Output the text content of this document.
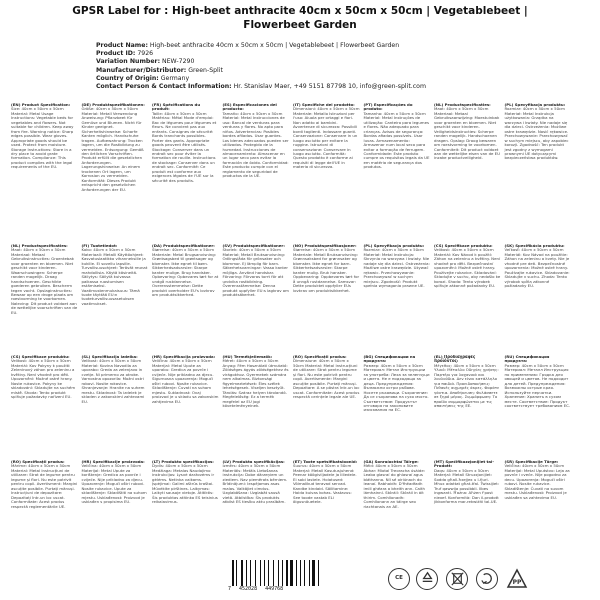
GPSR Label for : High-beet anthracite 40cm x 50cm x 50cm | Vegetablebeet | Flowerbeet Garden
Product Name: High-beet anthracite 40cm x 50cm x 50cm | Vegetablebeet | Flowerbeet Garden
Product ID: 7926
Variation Number: NEW-7290
Manufacturer/Distributor: Green-Split
Country of Origin: Germany
Contact Person & Contact Information: Hr. Stanislav Maer, +49 5151 87798 10, info@green-split.com
(EN) Product Specification:
Size: 40cm x 50cm x 50cm Material: Metal Usage Instructions: Vegetable beds for vegetables and flowers. Not suitable for children. Keep away from fire. Warning notice: Sharp edges possible. Wear gloves. Appropriate goods should be used. Protect from moisture. Storage Instructions: Store in a dry place to avoid grate formation. Compliance: This product complies with the legal requirements of the EU.
(DE) Produktspezifikationen:
Größe: 40cm x 50cm x 50cm Material: Metall Verwendung Anweisung: Pflanzbeet für Gemüse und Blumen. Nicht für Kinder geeignet. Sicherheitshinweise: Scharfe Kanten möglich. Handschuhe tragen. Aufbewahrung: Trocken lagern, um die Rostbildung zu vermeiden. Entsorgung: Gemäß den örtlichen Vorschriften. Produkt erfüllt die gesetzlichen Anforderungen. Lagerungshinweise: An einem trockenen Ort lagern, um Korrosion zu vermeiden. Konformität: Dieses Produkt entspricht den gesetzlichen Anforderungen der EU.
(FR) Spécifications du produit:
Taille: 40cm x 50cm x 50cm Matériau: Métal Mode d'emploi: Bac de légumes pour légumes et fleurs. Ne convient pas aux enfants. Consignes de sécurité: Bords tranchants possibles. Porter des gants. Appropriate goods peuvent être utilisés. Stockage: Conserver dans un endroit sec pour éviter la formation de rouille. Instructions de stockage: Conserver dans un endroit sec. Conformité: Ce produit est conforme aux exigences légales de l'UE sur la sécurité des produits.
(ES) Especificaciones del producto:
Tamaño: 40cm x 50cm x 50cm Material: Metal Instrucciones de uso: Bancal de verduras para verduras y flores. No apto para niños. Advertencias: Posibles bordes afilados. Usar guantes. Los bienes adecuados pueden ser utilizados. Protegido de la humedad. Instrucciones de almacenamiento: Almacenar en un lugar seco para evitar la formación de óxido. Conformidad: Este producto cumple con el reglamento de seguridad de productos de la UE.
(IT) Specifiche del prodotto:
Dimensioni: 40cm x 50cm x 50cm Materiale: Metallo Istruzioni per l'uso: Aiuola per ortaggi e fiori. Non adatto ai bambini. Avvertenze di sicurezza: Possibili bordi taglienti. Indossare guanti. Conservazione: Conservare in un luogo asciutto per evitare la ruggine. Istruzioni di conservazione: Conservare in luogo asciutto. Conformità: Questo prodotto è conforme ai requisiti di legge dell'UE in materia di sicurezza.
(PT) Especificações do produto:
Tamanho: 40cm x 50cm x 50cm Material: Metal Instruções de utilização: Canteiro para legumes e flores. Não adequado para crianças. Avisos de segurança: Bordas afiadas possíveis. Usar luvas. Armazenamento: Armazenar num local seco para evitar a formação de ferrugem. Conformidade: Este produto cumpre os requisitos legais da UE em matéria de segurança dos produtos.
(NL) Productspecificaties:
Maat: 40cm x 50cm x 50cm Materiaal: Metaal Gebruiksaanwijzing: Moestuinbak voor groenten en bloemen. Niet geschikt voor kinderen. Veiligheidsinstructies: Scherpe randen mogelijk. Handschoenen dragen. Opslag: Droog bewaren om roestvorming te voorkomen. Conformiteit: Dit product voldoet aan de wettelijke eisen van de EU inzake productveiligheid.
(PL) Specyfikacja produktu:
Rozmiar: 40cm x 50cm x 50cm Materiał: Metal Instrukcja użytkowania: Grządka na warzywa i kwiaty. Nie nadaje się dla dzieci. Ostrzeżenia: Możliwe ostre krawędzie. Nosić rękawice. Przechowywanie: Przechowywać w suchym miejscu, aby zapobiec korozji. Zgodność: Ten produkt jest zgodny z wymogami prawnymi UE dotyczącymi bezpieczeństwa produktów.
(NL) Productspecificaties:
Maat: 40cm x 50cm x 50cm Materiaal: Metaal Gebruiksinstructies: Groentebak voor groenten en bloemen. Niet geschikt voor kinderen. Waarschuwingen: Scherpe randen mogelijk. Draag handschoenen. Geschikte goederen gebruiken. Bescherm tegen vocht. Opslaginstructies: Bewaar op een droge plaats om roestvorming te voorkomen. Naleving: Dit product voldoet aan de wettelijke voorschriften van de EU.
(FI) Tuotetiedot:
Koko: 40cm x 50cm x 50cm Materiaali: Metalli Käyttöohjeet: Kasvatuslaatikko vihanneksille ja kukille. Ei sovellu lapsille. Turvallisuusohjeet: Terävät reunat mahdollisia. Käytä käsineitä. Säilytys: Säilytä kuivassa paikassa ruostumisen estämiseksi. Vaatimustenmukaisuus: Tämä tuote täyttää EU:n tuoteturvallisuusasetuksen vaatimukset.
(DA) Produktspecifikationer:
Størrelse: 40cm x 50cm x 50cm Materiale: Metal Brugsanvisning: Grøntsagsbed til grøntsager og blomster. Ikke egnet til børn. Sikkerhedsadvarsler: Skarpe kanter mulige. Brug handsker. Opbevaring: Opbevares tørt for at undgå rustdannelse. Overensstemmelse: Dette produkt overholder EU's lovkrav om produktsikkerhed.
(SV) Produktspecifikationer:
Storlek: 40cm x 50cm x 50cm Material: Metall Bruksanvisning: Odlingslåda för grönsaker och blommor. Ej lämplig för barn. Säkerhetsvarningar: Vassa kanter möjliga. Använd handskar. Förvaring: Förvaras torrt för att undvika rostbildning. Överensstämmelse: Denna produkt uppfyller EU:s lagkrav om produktsäkerhet.
(NO) Produktspesifikasjoner:
Størrelse: 40cm x 50cm x 50cm Materiale: Metall Bruksanvisning: Grønnsaksbed for grønnsaker og blomster. Ikke egnet for barn. Sikkerhetsadvarsler: Skarpe kanter mulig. Bruk hansker. Oppbevaring: Oppbevares tørt for å unngå rustdannelse. Samsvar: Dette produktet oppfyller EUs lovkrav om produktsikkerhet.
(PL) Specyfikacja produktu:
Rozmiar: 40cm x 50cm x 50cm Materiał: Metal Instrukcja: Skrzynia na warzywa i kwiaty. Nie nadaje się dla dzieci. Ostrzeżenia: Możliwe ostre krawędzie. Używać rękawic. Przechowywanie: Przechowywać w suchym miejscu. Zgodność: Produkt spełnia wymagania prawne UE.
(CS) Specifikace produktu:
Velikost: 40cm x 50cm x 50cm Materiál: Kov Návod k použití: Záhon na zeleninu a květiny. Není vhodné pro děti. Bezpečnostní upozornění: Možné ostré hrany. Používejte rukavice. Skladování: Skladujte v suchu, aby nedošlo ke korozi. Shoda: Tento výrobek splňuje zákonné požadavky EU.
(SK) Špecifikácia produktu:
Veľkosť: 40cm x 50cm x 50cm Materiál: Kov Návod na použitie: Záhon na zeleninu a kvety. Nie je vhodné pre deti. Bezpečnostné upozornenia: Možné ostré hrany. Používajte rukavice. Skladovanie: Skladujte v suchu. Zhoda: Tento výrobok spĺňa zákonné požiadavky EÚ.
(CS) Specifikace produktu:
Velikost: 40cm x 50cm x 50cm Materiál: Kov Pokyny k použití: Zeleninový záhon pro zeleninu a květiny. Není vhodné pro děti. Upozornění: Možné ostré hrany. Noste rukavice. Pokyny ke skladování: Skladujte na suchém místě. Shoda: Tento produkt splňuje požadavky nařízení EU.
(SL) Specifikacija izdelka:
Velikost: 40cm x 50cm x 50cm Material: Kovina Navodila za uporabo: Greda za zelenjavo in cvetje. Ni primerno za otroke. Varnostna opozorila: Možni ostri robovi. Nosite rokavice. Shranjevanje: Hranite na suhem mestu. Skladnost: Ta izdelek je skladen z zakonskimi zahtevami EU.
(HR) Specifikacija proizvoda:
Veličina: 40cm x 50cm x 50cm Materijal: Metal Upute za uporabu: Gredica za povrće i cvijeće. Nije prikladno za djecu. Sigurnosna upozorenja: Mogući oštri rubovi. Nosite rukavice. Skladištenje: Čuvati na suhom mjestu. Sukladnost: Ovaj proizvod je u skladu sa zakonskim zahtjevima EU.
(HU) Termékjellemzők:
Méret: 40cm x 50cm x 50cm Anyag: Fém Használati útmutató: Zöldséges ágyás zöldségekhez és virágokhoz. Gyermekek számára nem alkalmas. Biztonsági figyelmeztetések: Éles szélek lehetségesek. Viseljen kesztyűt. Tárolás: Száraz helyen tárolandó. Megfelelőség: Ez a termék megfelel az EU jogi követelményeinek.
(RO) Specificații produs:
Dimensiune: 40cm x 50cm x 50cm Material: Metal Instrucțiuni de utilizare: Strat pentru legume și flori. Nu este potrivit pentru copii. Avertismente: Margini ascuțite posibile. Purtați mănuși. Depozitare: A se păstra într-un loc uscat. Conformitate: Acest produs respectă cerințele legale ale UE.
(BG) Спецификации на продукта:
Размер: 40cm x 50cm x 50cm Материал: Метал Инструкции за употреба: Леха за зеленчуци и цветя. Не е подходящо за деца. Предупреждения: Възможни остри ръбове. Носете ръкавици. Съхранение: Да се съхранява на сухо място. Съответствие: Продуктът отговаря на законовите изисквания на ЕС.
(EL) Προδιαγραφές προϊόντος:
Μέγεθος: 40cm x 50cm x 50cm Υλικό: Μέταλλο Οδηγίες χρήσης: Παρτέρι για λαχανικά και λουλούδια. Δεν είναι κατάλληλο για παιδιά. Προειδοποιήσεις: Πιθανές αιχμηρές άκρες. Φοράτε γάντια. Αποθήκευση: Φυλάσσετε σε ξηρό μέρος. Συμμόρφωση: Το προϊόν συμμορφώνεται με τις απαιτήσεις της ΕΕ.
(RU) Спецификация продукта:
Размер: 40cm x 50cm x 50cm Материал: Металл Инструкция по применению: Грядка для овощей и цветов. Не подходит для детей. Предупреждения: Возможны острые края. Используйте перчатки. Хранение: Хранить в сухом месте. Соответствие: Продукт соответствует требованиям ЕС.
(RO) Specificații produs:
Mărime: 40cm x 50cm x 50cm Material: Metal Instrucțiuni de utilizare: Strat de legume pentru legume și flori. Nu este potrivit pentru copii. Avertisment: Margini ascuțite posibile. Purtați mănuși. Instrucțiuni de depozitare: Depozitați într-un loc uscat. Conformitate: Acest produs respectă reglementările UE.
(HR) Specifikacije proizvoda:
Veličina: 40cm x 50cm x 50cm Materijal: Metal Upute za korištenje: Gredica za povrće i cvijeće. Nije prikladno za djecu. Upozorenje: Mogući oštri rubovi. Nosite rukavice. Upute za skladištenje: Skladištiti na suhom mjestu. Usklađenost: Proizvod je usklađen s propisima EU.
(LT) Produkto specifikacijos:
Dydis: 40cm x 50cm x 50cm Medžiaga: Metalas Naudojimo instrukcijos: Lysvė daržovėms ir gėlėms. Netinka vaikams. Įspėjimai: Galimi aštrūs kraštai. Mūvėkite pirštines. Laikymas: Laikyti sausoje vietoje. Atitiktis: Šis produktas atitinka ES teisinius reikalavimus.
(LV) Produkta specifikācijas:
Izmērs: 40cm x 50cm x 50cm Materiāls: Metāls Lietošanas instrukcija: Dobe dārzeņiem un ziediem. Nav piemērots bērniem. Brīdinājumi: Iespējamas asas malas. Valkājiet cimdus. Uzglabāšana: Uzglabāt sausā vietā. Atbilstība: Šis produkts atbilst ES tiesību aktu prasībām.
(ET) Toote spetsifikatsioonid:
Suurus: 40cm x 50cm x 50cm Materjal: Metall Kasutusjuhend: Peenar köögiviljadele ja lilledele. Ei sobi lastele. Hoiatused: Võimalikud teravad servad. Kandke kindaid. Säilitamine: Hoida kuivas kohas. Vastavus: See toode vastab ELi õigusnõuetele.
(GA) Sonraíochtaí Táirge:
Méid: 40cm x 50cm x 50cm Ábhar: Miotal Treoracha úsáide: Leaba glasraí do ghlasraí agus bláthanna. Níl sé oiriúnach do leanaí. Rabhaidh: D'fhéadfadh imill ghéara a bheith ann. Caith lámhainní. Stóráil: Stóráil in áit thirim. Comhlíonadh: Comhlíonann an táirge seo riachtanais an AE.
(MT) Speċifikazzjonijiet tal-Prodott:
Daqs: 40cm x 50cm x 50cm Materjal: Metall Struzzjonijiet: Sodda għall-ħxejjex u l-fjuri. Mhux adattat għat-tfal. Twissijiet: Truf qawwija possibbli. Ilbes ingwanti. Ħażna: Aħżen f'post niexef. Konformità: Dan il-prodott jikkonforma mar-rekwiżiti tal-UE.
(SR) Specifikacije Tārge:
Veličina: 40cm x 50cm x 50cm Materijal: Metal Uputstvo: Leja za povrće i cveće. Nije pogodno za decu. Upozorenja: Mogući oštri rubovi. Nosite rukavice. Skladištenje: Čuvati na suvom mestu. Usklađenost: Proizvod je usklađen sa zahtevima EU.
7 452028 449768
CE
PP
